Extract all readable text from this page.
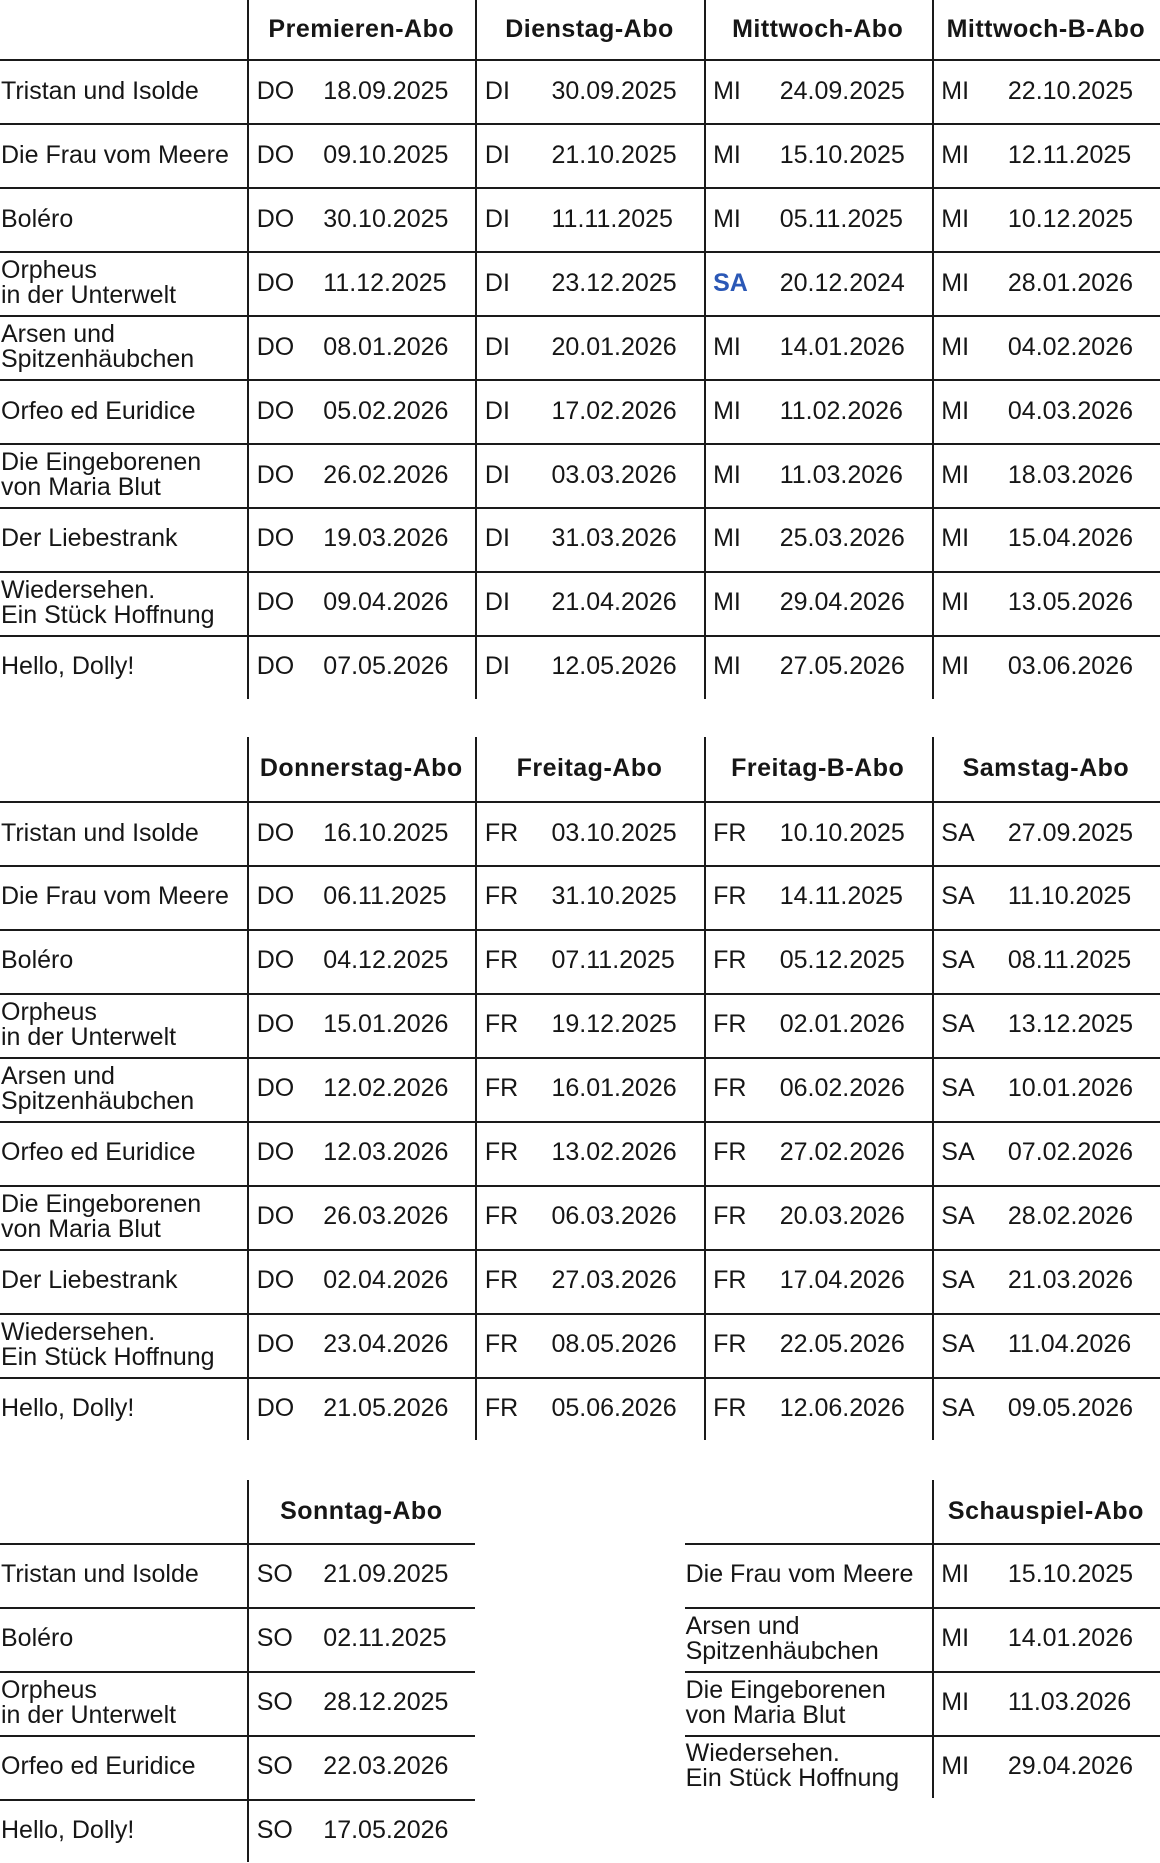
Premieren-Abo	Dienstag-Abo	Mittwoch-Abo	Mittwoch-B-Abo
Tristan und Isolde DO	18.09.2025	DI	30.09.2025	MI	24.09.2025	MI	22.10.2025
Die Frau vom Meere DO	09.10.2025	DI	21.10.2025	MI	15.10.2025	MI	12.11.2025
Boléro	DO	30.10.2025	DI	11.11.2025	MI	05.11.2025	MI	10.12.2025
Orpheus
in der Unterwelt	DO	11.12.2025	DI	23.12.2025	SA	20.12.2024	MI	28.01.2026
Arsen und
Spitzenhäubchen DO	08.01.2026	DI	20.01.2026	MI	14.01.2026	MI	04.02.2026
Orfeo ed Euridice DO	05.02.2026	DI	17.02.2026	MI	11.02.2026	MI	04.03.2026
Die Eingeborenen
von Maria Blut	DO	26.02.2026	DI	03.03.2026	MI	11.03.2026	MI	18.03.2026
Der Liebestrank	DO	19.03.2026	DI	31.03.2026	MI	25.03.2026	MI	15.04.2026
Wiedersehen.
Ein Stück Hoffnung DO	09.04.2026	DI	21.04.2026	MI	29.04.2026	MI	13.05.2026
Hello, Dolly!	DO	07.05.2026	DI	12.05.2026	MI	27.05.2026	MI	03.06.2026
Donnerstag-Abo	Freitag-Abo	Freitag-B-Abo	Samstag-Abo
Tristan und Isolde DO	16.10.2025	FR	03.10.2025	FR	10.10.2025	SA	27.09.2025
Die Frau vom Meere DO	06.11.2025	FR	31.10.2025	FR	14.11.2025	SA	11.10.2025
Boléro	DO	04.12.2025	FR	07.11.2025	FR	05.12.2025	SA	08.11.2025
Orpheus
in der Unterwelt	DO	15.01.2026	FR	19.12.2025	FR	02.01.2026	SA	13.12.2025
Arsen und
Spitzenhäubchen DO	12.02.2026	FR	16.01.2026	FR	06.02.2026	SA	10.01.2026
Orfeo ed Euridice DO	12.03.2026	FR	13.02.2026	FR	27.02.2026	SA	07.02.2026
Die Eingeborenen
von Maria Blut	DO	26.03.2026	FR	06.03.2026	FR	20.03.2026	SA	28.02.2026
Der Liebestrank	DO	02.04.2026	FR	27.03.2026	FR	17.04.2026	SA	21.03.2026
Wiedersehen.
Ein Stück Hoffnung DO	23.04.2026	FR	08.05.2026	FR	22.05.2026	SA	11.04.2026
Hello, Dolly!	DO	21.05.2026	FR	05.06.2026	FR	12.06.2026	SA	09.05.2026
Sonntag-Abo
Tristan und Isolde SO	21.09.2025
Boléro	SO	02.11.2025
Orpheus
in der Unterwelt	SO	28.12.2025
Orfeo ed Euridice SO	22.03.2026
Hello, Dolly!	SO	17.05.2026
Schauspiel-Abo
Die Frau vom Meere MI	15.10.2025
Arsen und
Spitzenhäubchen MI	14.01.2026
Die Eingeborenen
von Maria Blut	MI	11.03.2026
Wiedersehen.
Ein Stück Hoffnung MI	29.04.2026
